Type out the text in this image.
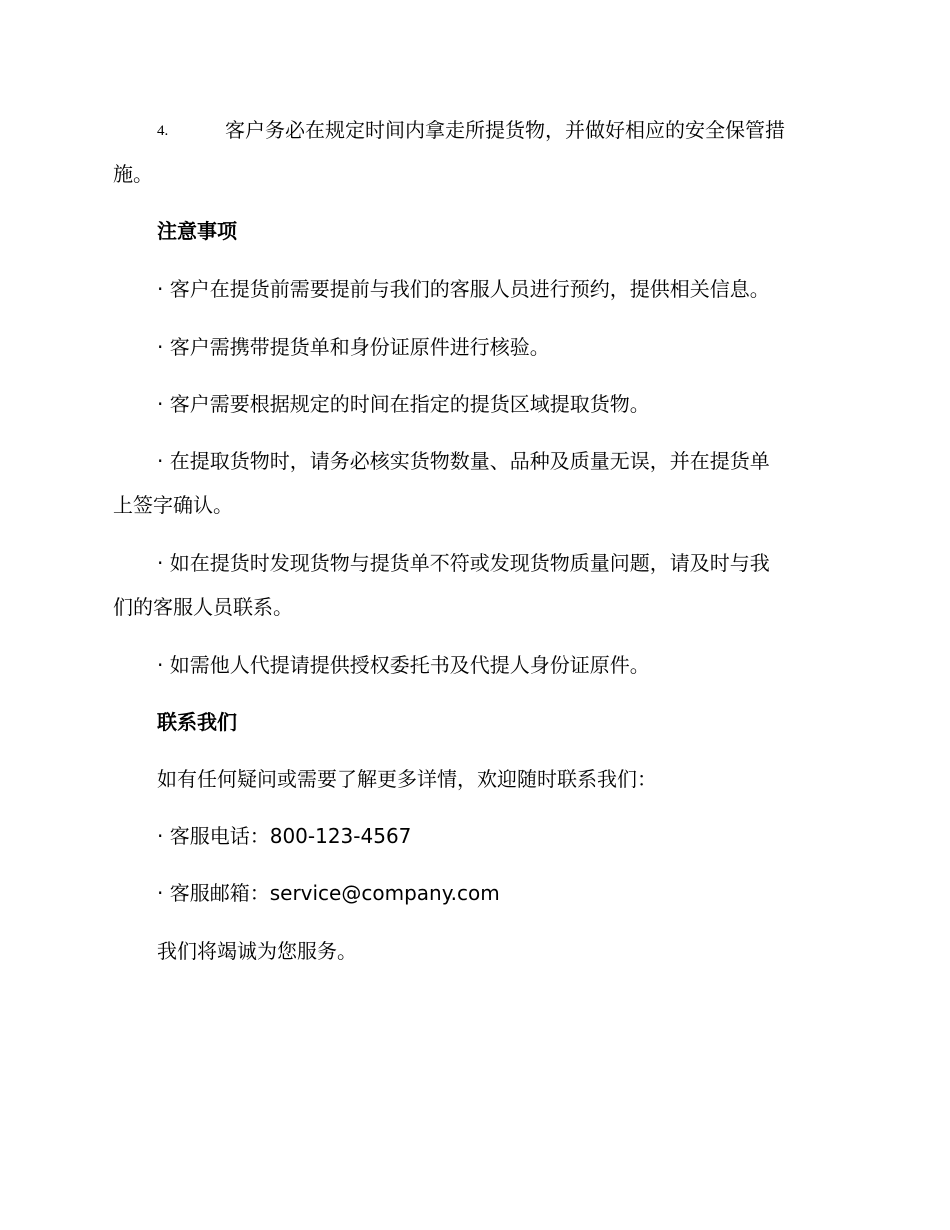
4.	客户务必在规定时间内拿走所提货物，并做好相应的安全保管措
施。
注意事项
· 客户在提货前需要提前与我们的客服人员进行预约，提供相关信息。
· 客户需携带提货单和身份证原件进行核验。
· 客户需要根据规定的时间在指定的提货区域提取货物。
· 在提取货物时，请务必核实货物数量、品种及质量无误，并在提货单
上签字确认。
· 如在提货时发现货物与提货单不符或发现货物质量问题，请及时与我
们的客服人员联系。
· 如需他人代提请提供授权委托书及代提人身份证原件。
联系我们
如有任何疑问或需要了解更多详情，欢迎随时联系我们：
· 客服电话：800-123-4567
· 客服邮箱：service@company.com
我们将竭诚为您服务。
